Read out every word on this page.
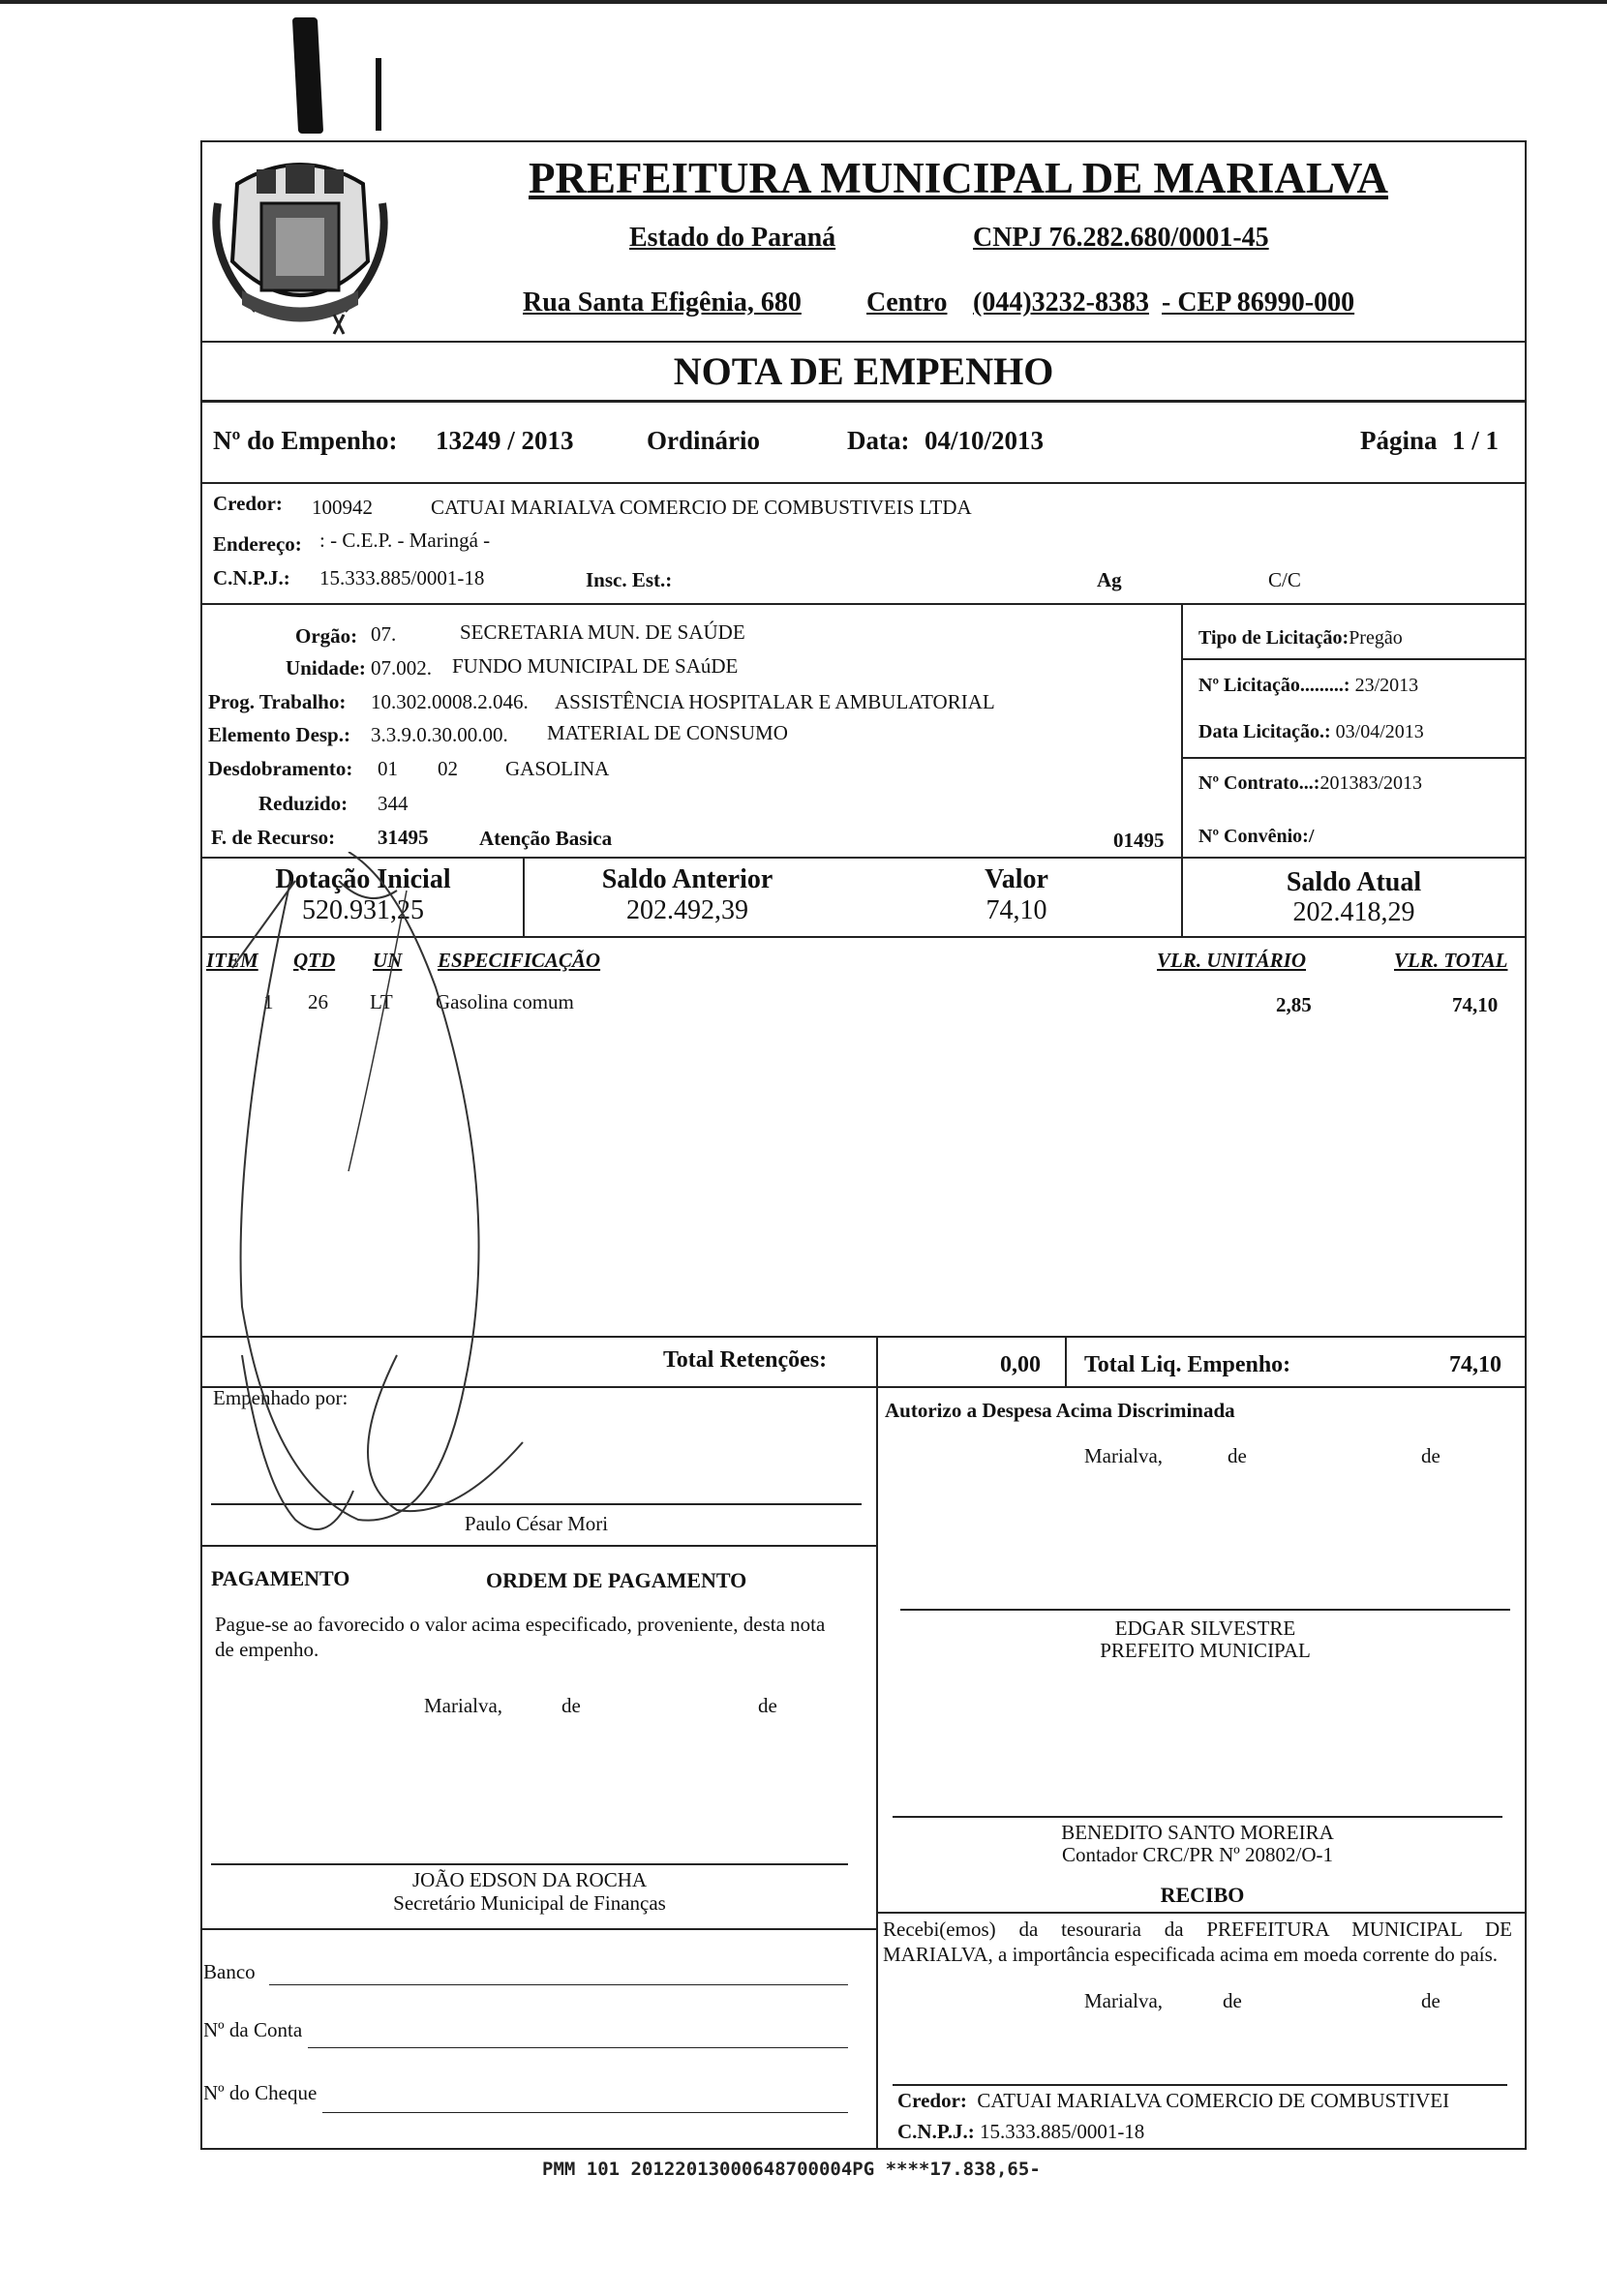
PREFEITURA MUNICIPAL DE MARIALVA
Estado do Paraná	CNPJ 76.282.680/0001-45
Rua Santa Efigênia, 680 Centro (044)3232-8383 - CEP 86990-000
NOTA DE EMPENHO
Nº do Empenho: 13249 / 2013	Ordinário	Data: 04/10/2013	Página 1 / 1
Credor: 100942	CATUAI MARIALVA COMERCIO DE COMBUSTIVEIS LTDA
Endereço: : - C.E.P. - Maringá -
C.N.P.J.: 15.333.885/0001-18	Insc. Est.:	Ag	C/C
Orgão: 07.	SECRETARIA MUN. DE SAÚDE
Unidade: 07.002. FUNDO MUNICIPAL DE SAúDE
Prog. Trabalho: 10.302.0008.2.046. ASSISTÊNCIA HOSPITALAR E AMBULATORIAL
Elemento Desp.: 3.3.9.0.30.00.00. MATERIAL DE CONSUMO
Desdobramento: 01 02 GASOLINA
Reduzido: 344
F. de Recurso: 31495	Atenção Basica	01495
Tipo de Licitação:Pregão
Nº Licitação.........: 23/2013
Data Licitação.: 03/04/2013
Nº Contrato...:201383/2013
Nº Convênio:/
Dotação Inicial
520.931,25
Saldo Anterior
202.492,39
Valor
74,10
Saldo Atual
202.418,29
ITEM QTD UN ESPECIFICAÇÃO	VLR. UNITÁRIO	VLR. TOTAL
1 26 LT Gasolina comum	2,85	74,10
Total Retenções:	0,00 Total Liq. Empenho:	74,10
Empenhado por:
Paulo César Mori
Autorizo a Despesa Acima Discriminada
Marialva,	de	de
EDGAR SILVESTRE
PREFEITO MUNICIPAL
PAGAMENTO	ORDEM DE PAGAMENTO
Pague-se ao favorecido o valor acima especificado, proveniente, desta nota de empenho.
Marialva,	de	de
JOÃO EDSON DA ROCHA
Secretário Municipal de Finanças
BENEDITO SANTO MOREIRA
Contador CRC/PR Nº 20802/O-1
RECIBO
Recebi(emos) da tesouraria da PREFEITURA MUNICIPAL DE MARIALVA, a importância especificada acima em moeda corrente do país.
Marialva,	de	de
Credor: CATUAI MARIALVA COMERCIO DE COMBUSTIVEI
C.N.P.J.: 15.333.885/0001-18
Banco
Nº da Conta
Nº do Cheque
PMM 101 20122013000648700004PG ****17.838,65-
